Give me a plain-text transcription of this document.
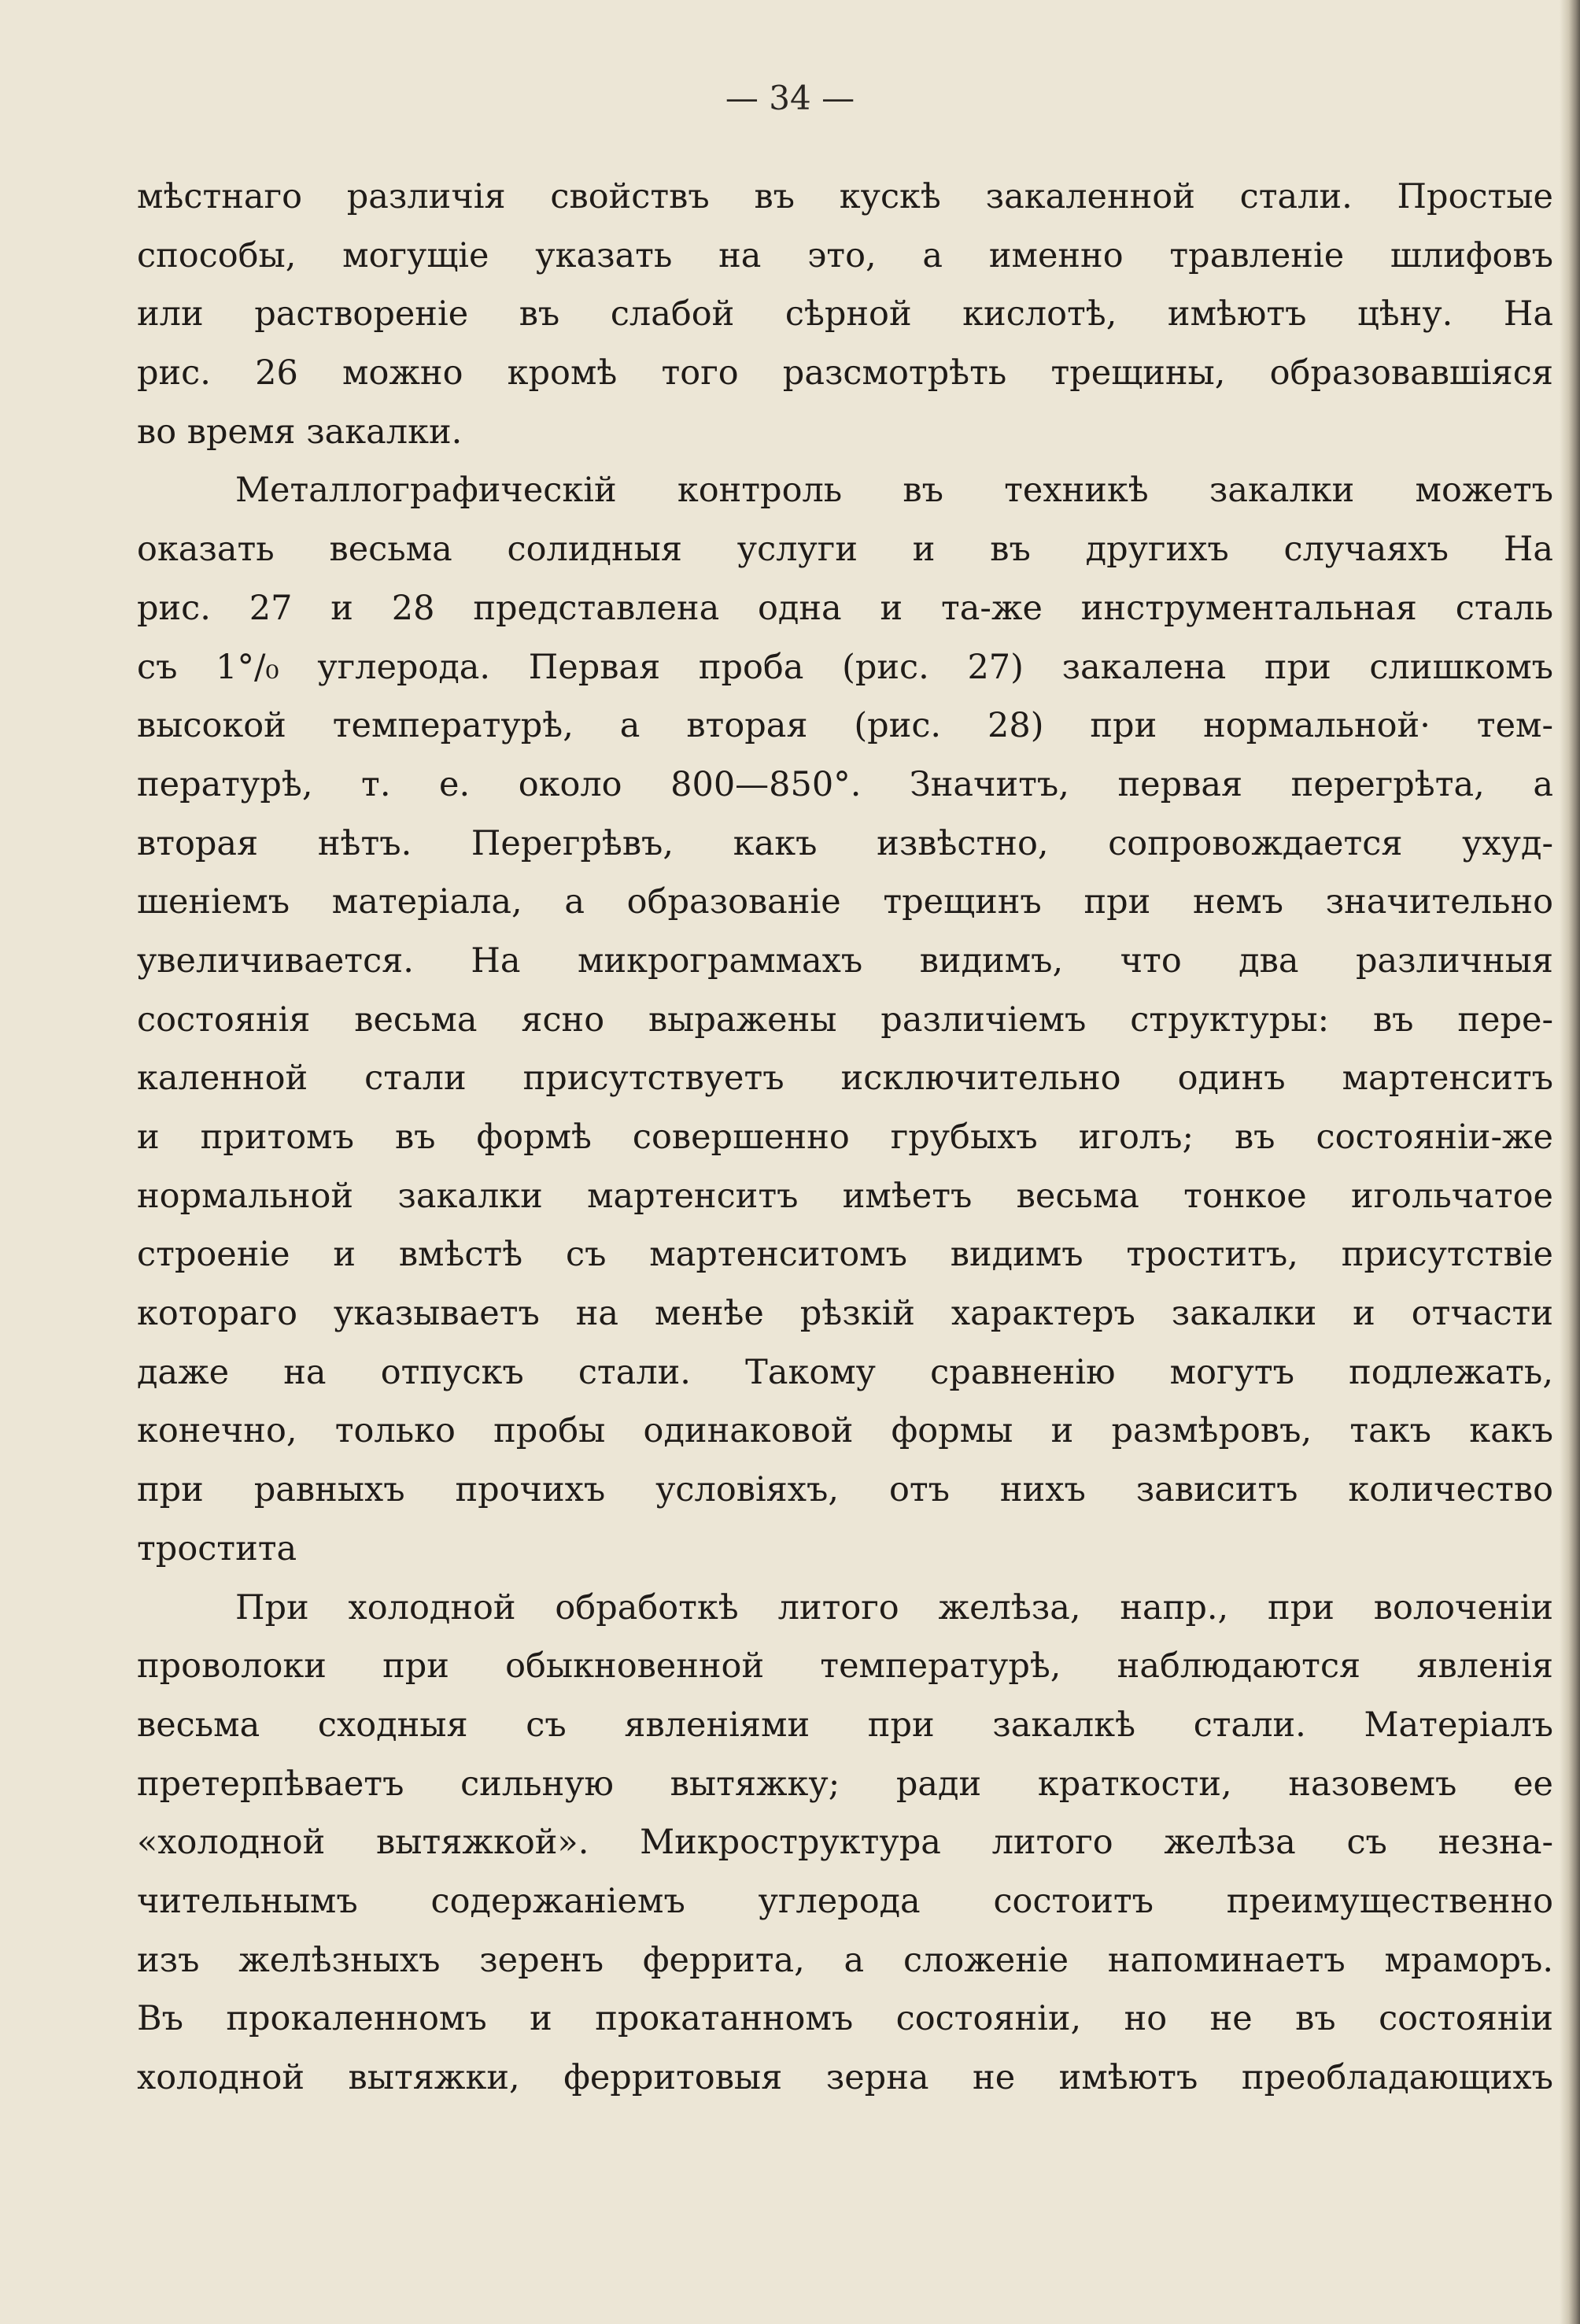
— 34 —
мѣстнаго различія свойствъ въ кускѣ закаленной стали. Простые
способы, могущіе указать на это, а именно травленіе шлифовъ
или раствореніе въ слабой сѣрной кислотѣ, имѣютъ цѣну. На
рис. 26 можно кромѣ того разсмотрѣть трещины, образовавшіяся
во время закалки.
Металлографическій контроль въ техникѣ закалки можетъ
оказать весьма солидныя услуги и въ другихъ случаяхъ На
рис. 27 и 28 представлена одна и та-же инструментальная сталь
съ 1°/₀ углерода. Первая проба (рис. 27) закалена при слишкомъ
высокой температурѣ, а вторая (рис. 28) при нормальной· тем-
пературѣ, т. е. около 800—850°. Значитъ, первая перегрѣта, а
вторая нѣтъ. Перегрѣвъ, какъ извѣстно, сопровождается ухуд-
шеніемъ матеріала, а образованіе трещинъ при немъ значительно
увеличивается. На микрограммахъ видимъ, что два различныя
состоянія весьма ясно выражены различіемъ структуры: въ пере-
каленной стали присутствуетъ исключительно одинъ мартенситъ
и притомъ въ формѣ совершенно грубыхъ иголъ; въ состояніи-же
нормальной закалки мартенситъ имѣетъ весьма тонкое игольчатое
строеніе и вмѣстѣ съ мартенситомъ видимъ троститъ, присутствіе
котораго указываетъ на менѣе рѣзкій характеръ закалки и отчасти
даже на отпускъ стали. Такому сравненію могутъ подлежать,
конечно, только пробы одинаковой формы и размѣровъ, такъ какъ
при равныхъ прочихъ условіяхъ, отъ нихъ зависитъ количество
тростита
При холодной обработкѣ литого желѣза, напр., при волоченіи
проволоки при обыкновенной температурѣ, наблюдаются явленія
весьма сходныя съ явленіями при закалкѣ стали. Матеріалъ
претерпѣваетъ сильную вытяжку; ради краткости, назовемъ ее
«холодной вытяжкой». Микроструктура литого желѣза съ незна-
чительнымъ содержаніемъ углерода состоитъ преимущественно
изъ желѣзныхъ зеренъ феррита, а сложеніе напоминаетъ мраморъ.
Въ прокаленномъ и прокатанномъ состояніи, но не въ состояніи
холодной вытяжки, ферритовыя зерна не имѣютъ преобладающихъ
